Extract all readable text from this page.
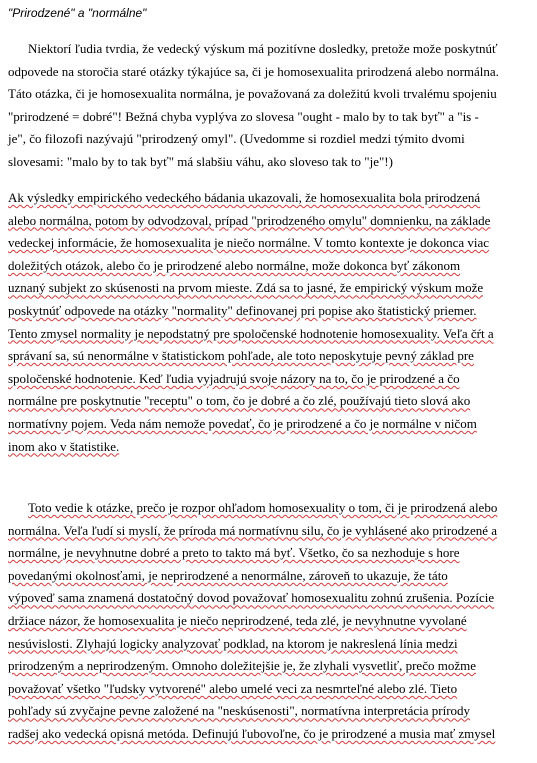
"Prirodzené" a "normálne"
Niektorí ľudia tvrdia, že vedecký výskum má pozitívne dosledky, pretože može poskytnúť
odpovede na storočia staré otázky týkajúce sa, či je homosexualita prirodzená alebo normálna.
Táto otázka, či je homosexualita normálna, je považovaná za doležitú kvoli trvalému spojeniu
"prirodzené = dobré"! Bežná chyba vyplýva zo slovesa "ought - malo by to tak byť" a "is -
je", čo filozofi nazývajú "prirodzený omyl". (Uvedomme si rozdiel medzi týmito dvomi
slovesami: "malo by to tak byť" má slabšiu váhu, ako sloveso tak to "je"!)
Ak výsledky empirického vedeckého bádania ukazovali, že homosexualita bola prirodzená
alebo normálna, potom by odvodzoval, prípad "prirodzeného omylu" domnienku, na základe
vedeckej informácie, že homosexualita je niečo normálne. V tomto kontexte je dokonca viac
doležitých otázok, alebo čo je prirodzené alebo normálne, može dokonca byť zákonom
uznaný subjekt zo skúsenosti na prvom mieste. Zdá sa to jasné, že empirický výskum može
poskytnúť odpovede na otázky "normality" definovanej pri popise ako štatistický priemer.
Tento zmysel normality je nepodstatný pre spoločenské hodnotenie homosexuality. Veľa čŕt a
správaní sa, sú nenormálne v štatistickom pohľade, ale toto neposkytuje pevný základ pre
spoločenské hodnotenie. Keď ľudia vyjadrujú svoje názory na to, čo je prirodzené a čo
normálne pre poskytnutie "receptu" o tom, čo je dobré a čo zlé, používajú tieto slová ako
normatívny pojem. Veda nám nemože povedať, čo je prirodzené a čo je normálne v ničom
inom ako v štatistike.
Toto vedie k otázke, prečo je rozpor ohľadom homosexuality o tom, či je prirodzená alebo
normálna. Veľa ľudí si myslí, že príroda má normatívnu silu, čo je vyhlásené ako prirodzené a
normálne, je nevyhnutne dobré a preto to takto má byť. Všetko, čo sa nezhoduje s hore
povedanými okolnosťami, je neprirodzené a nenormálne, zároveň to ukazuje, že táto
výpoveď sama znamená dostatočný dovod považovať homosexualitu zohnú zrušenia. Pozície
držiace názor, že homosexualita je niečo neprirodzené, teda zlé, je nevyhnutne vyvolané
nesúvislosti. Zlyhajú logicky analyzovať podklad, na ktorom je nakreslená línia medzi
prirodzeným a neprirodzeným. Omnoho doležitejšie je, že zlyhali vysvetliť, prečo možme
považovať všetko "ľudsky vytvorené" alebo umelé veci za nesmrteľné alebo zlé. Tieto
pohľady sú zvyčajne pevne založené na "neskúsenosti", normatívna interpretácia prírody
radšej ako vedecká opisná metóda. Definujú ľubovoľne, čo je prirodzené a musia mať zmysel
